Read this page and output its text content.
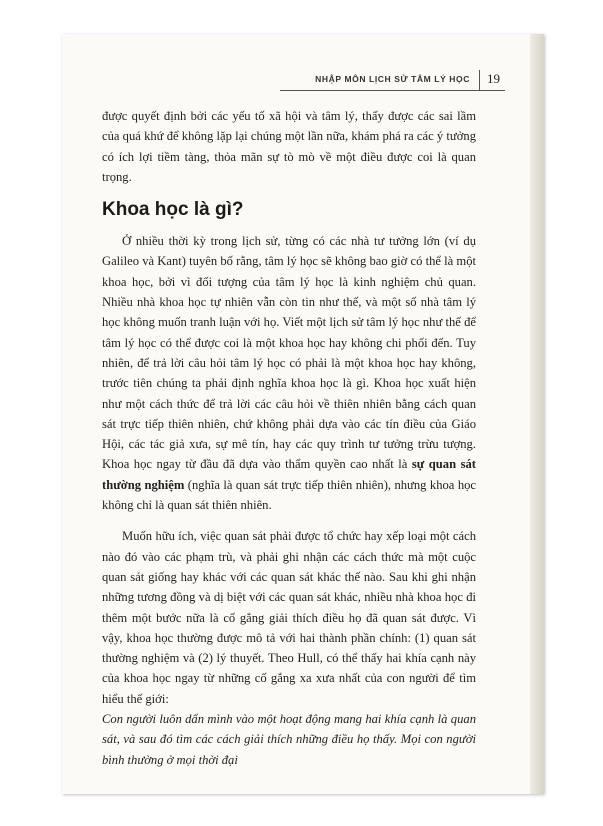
NHẬP MÔN LỊCH SỬ TÂM LÝ HỌC 19

được quyết định bởi các yếu tố xã hội và tâm lý, thấy được các sai lầm của quá khứ để không lặp lại chúng một lần nữa, khám phá ra các ý tưởng có ích lợi tiềm tàng, thỏa mãn sự tò mò về một điều được coi là quan trọng.

Khoa học là gì?

Ở nhiều thời kỳ trong lịch sử, từng có các nhà tư tưởng lớn (ví dụ Galileo và Kant) tuyên bố rằng, tâm lý học sẽ không bao giờ có thể là một khoa học, bởi vì đối tượng của tâm lý học là kinh nghiệm chủ quan. Nhiều nhà khoa học tự nhiên vẫn còn tin như thế, và một số nhà tâm lý học không muốn tranh luận với họ. Viết một lịch sử tâm lý học như thế để tâm lý học có thể được coi là một khoa học hay không chi phối đến. Tuy nhiên, để trả lời câu hỏi tâm lý học có phải là một khoa học hay không, trước tiên chúng ta phải định nghĩa khoa học là gì. Khoa học xuất hiện như một cách thức để trả lời các câu hỏi về thiên nhiên bằng cách quan sát trực tiếp thiên nhiên, chứ không phải dựa vào các tín điều của Giáo Hội, các tác giả xưa, sự mê tín, hay các quy trình tư tưởng trừu tượng. Khoa học ngay từ đầu đã dựa vào thẩm quyền cao nhất là sự quan sát thường nghiệm (nghĩa là quan sát trực tiếp thiên nhiên), nhưng khoa học không chỉ là quan sát thiên nhiên.

Muốn hữu ích, việc quan sát phải được tổ chức hay xếp loại một cách nào đó vào các phạm trù, và phải ghi nhận các cách thức mà một cuộc quan sát giống hay khác với các quan sát khác thế nào. Sau khi ghi nhận những tương đồng và dị biệt với các quan sát khác, nhiều nhà khoa học đi thêm một bước nữa là cố gắng giải thích điều họ đã quan sát được. Vì vậy, khoa học thường được mô tả với hai thành phần chính: (1) quan sát thường nghiệm và (2) lý thuyết. Theo Hull, có thể thấy hai khía cạnh này của khoa học ngay từ những cố gắng xa xưa nhất của con người để tìm hiểu thế giới:

Con người luôn dấn mình vào một hoạt động mang hai khía cạnh là quan sát, và sau đó tìm các cách giải thích những điều họ thấy. Mọi con người bình thường ở mọi thời đại
